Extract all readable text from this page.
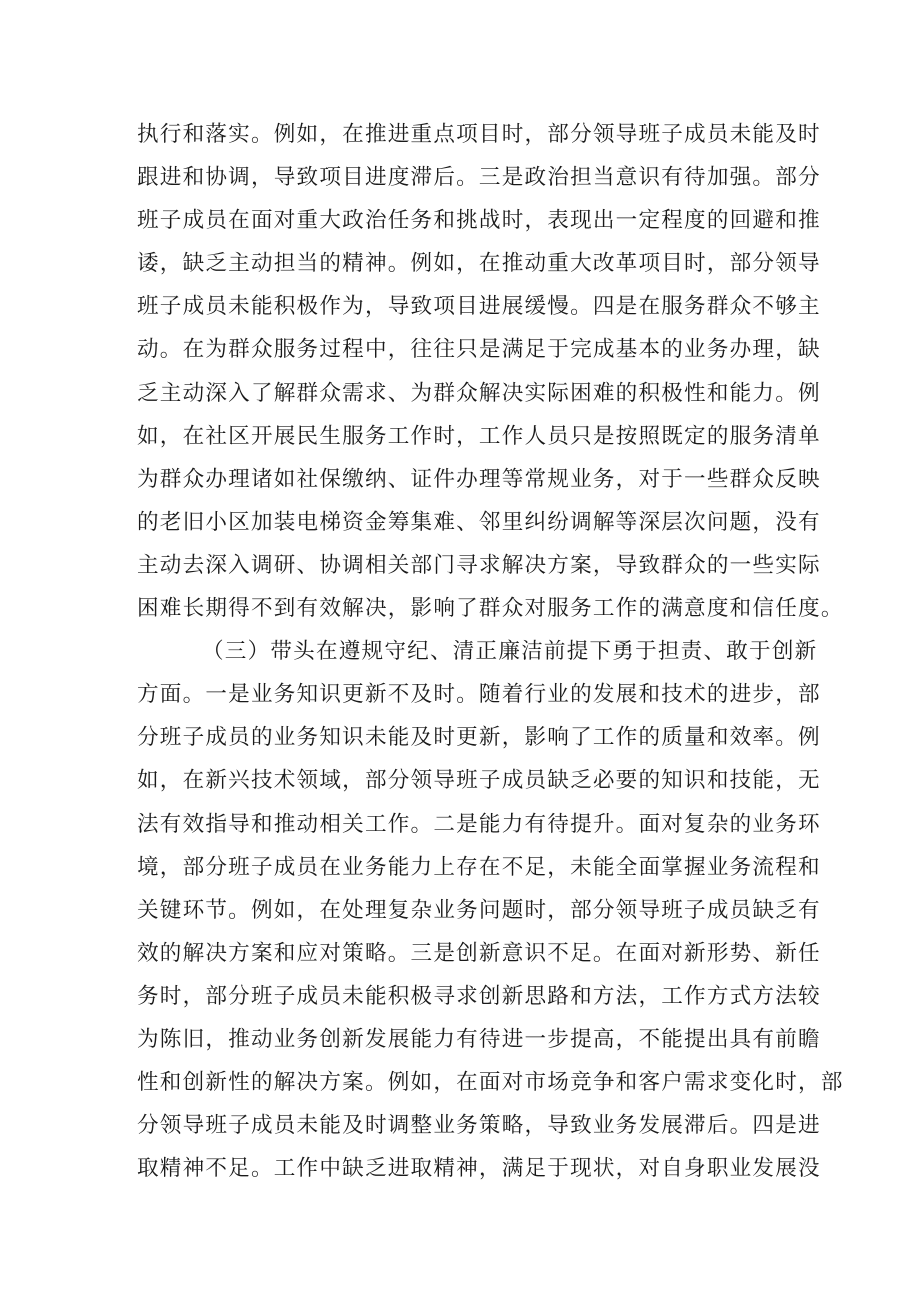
执行和落实。例如，在推进重点项目时，部分领导班子成员未能及时
跟进和协调，导致项目进度滞后。三是政治担当意识有待加强。部分
班子成员在面对重大政治任务和挑战时，表现出一定程度的回避和推
诿，缺乏主动担当的精神。例如，在推动重大改革项目时，部分领导
班子成员未能积极作为，导致项目进展缓慢。四是在服务群众不够主
动。在为群众服务过程中，往往只是满足于完成基本的业务办理，缺
乏主动深入了解群众需求、为群众解决实际困难的积极性和能力。例
如，在社区开展民生服务工作时，工作人员只是按照既定的服务清单
为群众办理诸如社保缴纳、证件办理等常规业务，对于一些群众反映
的老旧小区加装电梯资金筹集难、邻里纠纷调解等深层次问题，没有
主动去深入调研、协调相关部门寻求解决方案，导致群众的一些实际
困难长期得不到有效解决，影响了群众对服务工作的满意度和信任度。
（三）带头在遵规守纪、清正廉洁前提下勇于担责、敢于创新
方面。一是业务知识更新不及时。随着行业的发展和技术的进步，部
分班子成员的业务知识未能及时更新，影响了工作的质量和效率。例
如，在新兴技术领域，部分领导班子成员缺乏必要的知识和技能，无
法有效指导和推动相关工作。二是能力有待提升。面对复杂的业务环
境，部分班子成员在业务能力上存在不足，未能全面掌握业务流程和
关键环节。例如，在处理复杂业务问题时，部分领导班子成员缺乏有
效的解决方案和应对策略。三是创新意识不足。在面对新形势、新任
务时，部分班子成员未能积极寻求创新思路和方法，工作方式方法较
为陈旧，推动业务创新发展能力有待进一步提高，不能提出具有前瞻
性和创新性的解决方案。例如，在面对市场竞争和客户需求变化时，部
分领导班子成员未能及时调整业务策略，导致业务发展滞后。四是进
取精神不足。工作中缺乏进取精神，满足于现状，对自身职业发展没
